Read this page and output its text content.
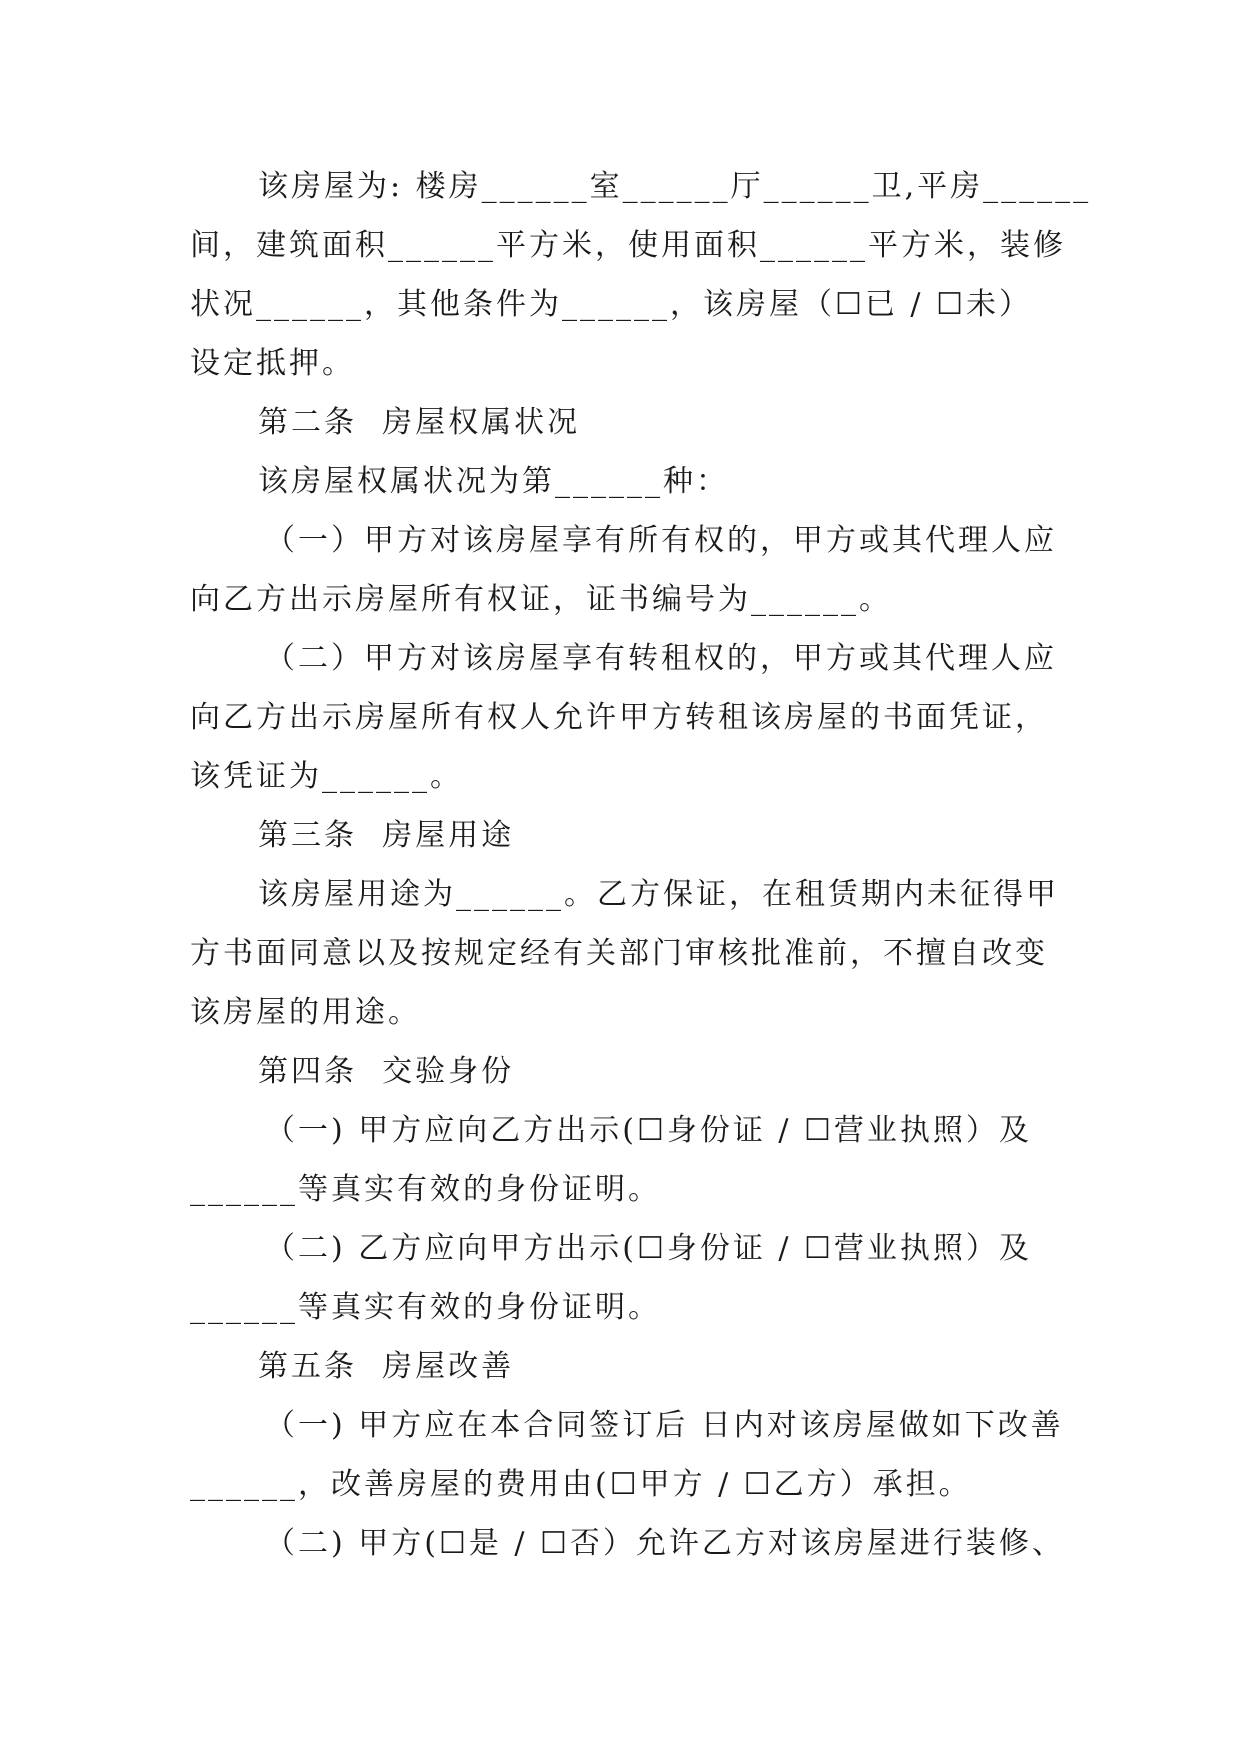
该房屋为: 楼房______室______厅______卫,平房______

间，建筑面积______平方米，使用面积______平方米，装修

状况______，其他条件为______，该房屋（☐已 / ☐未）

设定抵押。

第二条  房屋权属状况

该房屋权属状况为第______种：

（一）甲方对该房屋享有所有权的，甲方或其代理人应

向乙方出示房屋所有权证，证书编号为______。

（二）甲方对该房屋享有转租权的，甲方或其代理人应

向乙方出示房屋所有权人允许甲方转租该房屋的书面凭证，

该凭证为______。

第三条  房屋用途

该房屋用途为______。乙方保证，在租赁期内未征得甲

方书面同意以及按规定经有关部门审核批准前，不擅自改变

该房屋的用途。

第四条  交验身份

（一) 甲方应向乙方出示(☐身份证 / ☐营业执照）及

______等真实有效的身份证明。

（二) 乙方应向甲方出示(☐身份证 / ☐营业执照）及

______等真实有效的身份证明。

第五条  房屋改善

（一) 甲方应在本合同签订后 日内对该房屋做如下改善

______，改善房屋的费用由(☐甲方 / ☐乙方）承担。

（二) 甲方(☐是 / ☐否）允许乙方对该房屋进行装修、
